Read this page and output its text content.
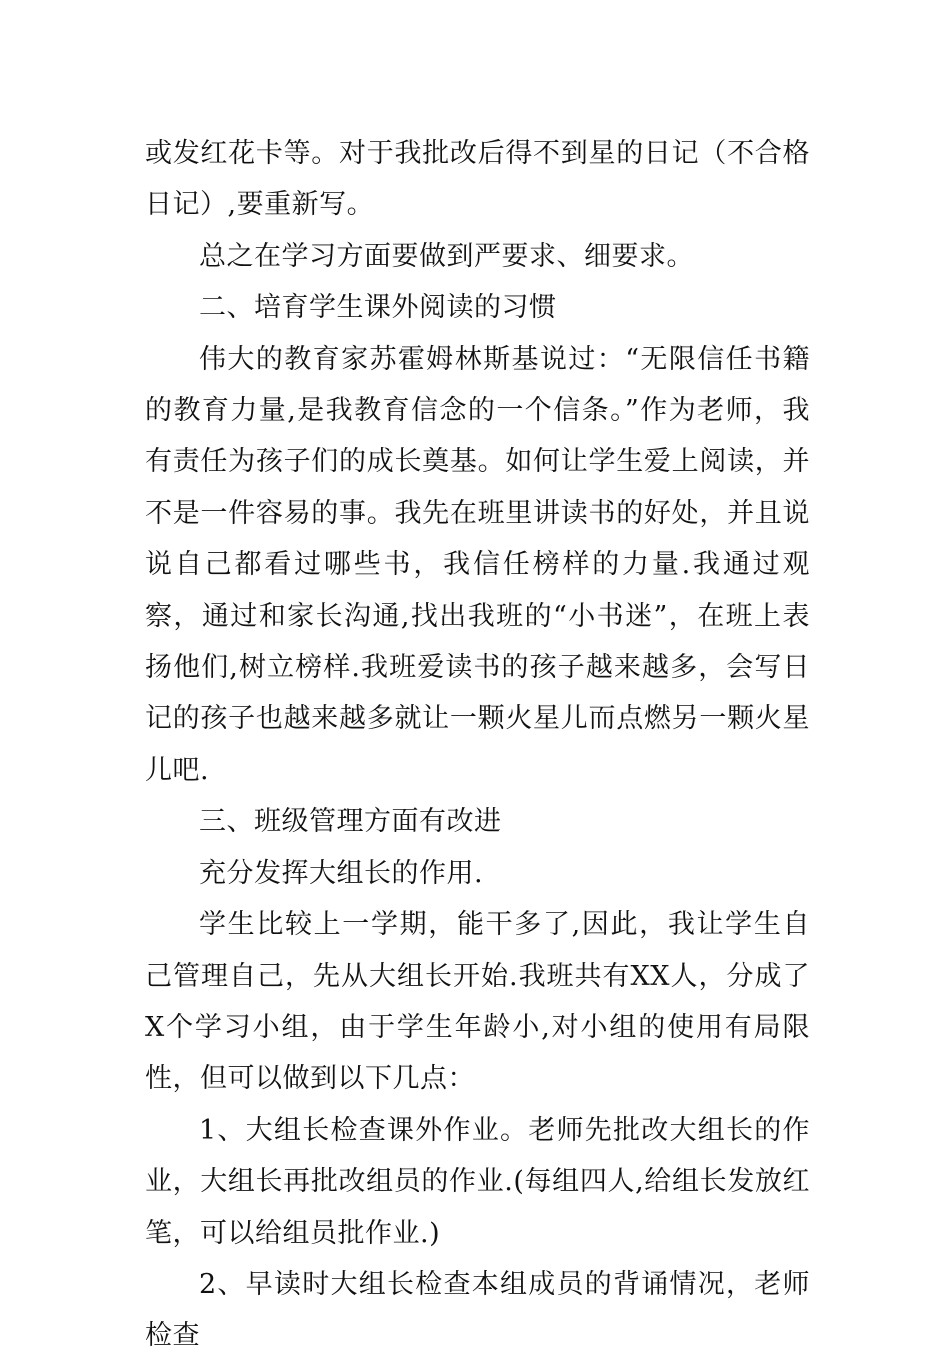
或发红花卡等。对于我批改后得不到星的日记（不合格日记）,要重新写。

总之在学习方面要做到严要求、细要求。

二、培育学生课外阅读的习惯

伟大的教育家苏霍姆林斯基说过：“无限信任书籍的教育力量,是我教育信念的一个信条。”作为老师，我有责任为孩子们的成长奠基。如何让学生爱上阅读，并不是一件容易的事。我先在班里讲读书的好处，并且说说自己都看过哪些书，我信任榜样的力量.我通过观察，通过和家长沟通,找出我班的“小书迷”，在班上表扬他们,树立榜样.我班爱读书的孩子越来越多，会写日记的孩子也越来越多就让一颗火星儿而点燃另一颗火星儿吧.

三、班级管理方面有改进

充分发挥大组长的作用.

学生比较上一学期，能干多了,因此，我让学生自己管理自己，先从大组长开始.我班共有XX人，分成了X个学习小组，由于学生年龄小,对小组的使用有局限性，但可以做到以下几点：

1、大组长检查课外作业。老师先批改大组长的作业，大组长再批改组员的作业.(每组四人,给组长发放红笔，可以给组员批作业.)

2、早读时大组长检查本组成员的背诵情况，老师检查
